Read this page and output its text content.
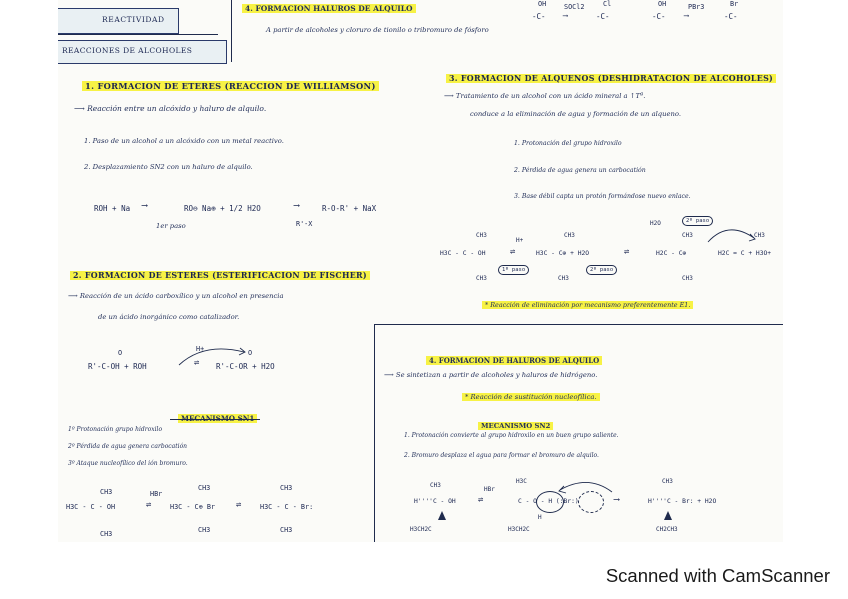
REACTIVIDAD
REACCIONES DE ALCOHOLES
4. FORMACION HALUROS DE ALQUILO
A partir de alcoholes y cloruro de tionilo o tribromuro de fósforo
OH
-C-
SOCl2
⟶
Cl
-C-
OH
-C-
PBr3
⟶
Br
-C-
1. FORMACION DE ETERES (REACCION DE WILLIAMSON)
⟶ Reacción entre un alcóxido y haluro de alquilo.
1. Paso de un alcohol a un alcóxido con un metal reactivo.
2. Desplazamiento SN2 con un haluro de alquilo.
ROH + Na ⟶	RO⊖ Na⊕ + 1/2 H2O	⟶	R-O-R' + NaX
R'-X
1er paso
2. FORMACION DE ESTERES (ESTERIFICACION DE FISCHER)
⟶ Reacción de un ácido carboxílico y un alcohol en presencia
de un ácido inorgánico como catalizador.
O
R'-C-OH + ROH	⇌
H+	O
R'-C-OR + H2O
1º Protonación grupo hidroxilo
2º Pérdida de agua genera carbocatión
3º Ataque nucleofílico del ión bromuro.
CH3
H3C - C - OH
CH3
HBr
⇌
CH3
H3C - C⊕ Br
CH3
⇌
CH3
H3C - C - Br:
CH3
3. FORMACION DE ALQUENOS (DESHIDRATACION DE ALCOHOLES)
⟶ Tratamiento de un alcohol con un ácido mineral a ↑Tª.
conduce a la eliminación de agua y formación de un alqueno.
1. Protonación del grupo hidroxilo
2. Pérdida de agua genera un carbocatión
3. Base débil capta un protón formándose nuevo enlace.
CH3
H3C - C - OH
CH3
H+
⇌
1º paso
CH3
H3C - C⊕ + H2O
CH3
2º paso
⇌
H2O	2º paso
CH3
H2C - C⊕
CH3
H2C = C + H3O+
CH3
* Reacción de eliminación por mecanismo preferentemente E1.
4. FORMACION DE HALUROS DE ALQUILO
⟶ Se sintetizan a partir de alcoholes y haluros de hidrógeno.
* Reacción de sustitución nucleofílica.
MECANISMO SN2
1. Protonación convierte al grupo hidroxilo en un buen grupo saliente.
2. Bromuro desplaza el agua para formar el bromuro de alquilo.
CH3
H''''C - OH
H3CH2C
HBr
⇌
H3C
C - O - H (:Br:)
H
H3CH2C
⟶
CH3
H''''C - Br: + H2O
CH2CH3
Scanned with CamScanner
